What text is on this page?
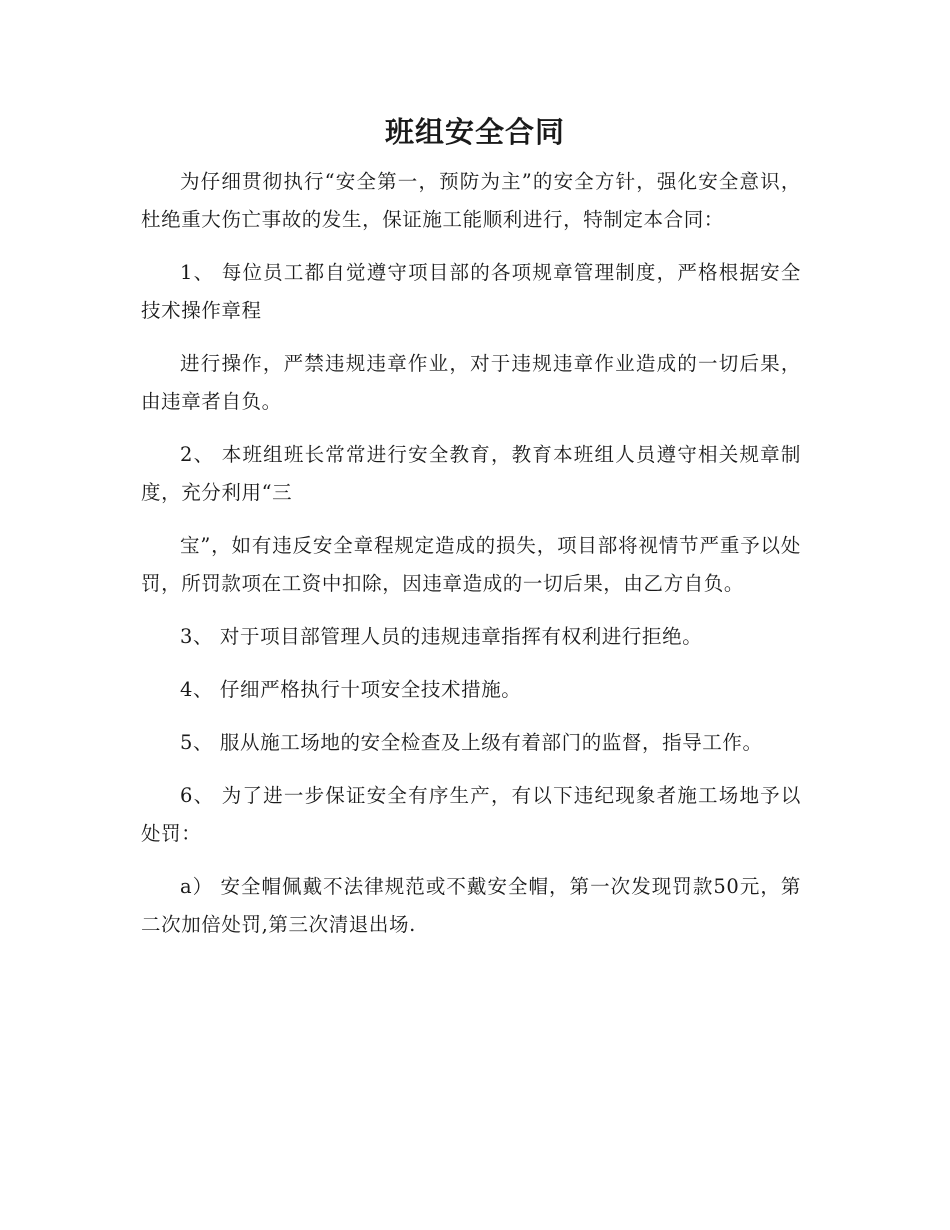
班组安全合同

为仔细贯彻执行“安全第一，预防为主”的安全方针，强化安全意识，杜绝重大伤亡事故的发生，保证施工能顺利进行，特制定本合同：

1、 每位员工都自觉遵守项目部的各项规章管理制度，严格根据安全技术操作章程

进行操作，严禁违规违章作业，对于违规违章作业造成的一切后果，由违章者自负。

2、 本班组班长常常进行安全教育，教育本班组人员遵守相关规章制度，充分利用“三

宝”，如有违反安全章程规定造成的损失，项目部将视情节严重予以处罚，所罚款项在工资中扣除，因违章造成的一切后果，由乙方自负。

3、 对于项目部管理人员的违规违章指挥有权利进行拒绝。

4、 仔细严格执行十项安全技术措施。

5、 服从施工场地的安全检查及上级有着部门的监督，指导工作。

6、 为了进一步保证安全有序生产，有以下违纪现象者施工场地予以处罚：

a） 安全帽佩戴不法律规范或不戴安全帽，第一次发现罚款50元，第二次加倍处罚,第三次清退出场.
